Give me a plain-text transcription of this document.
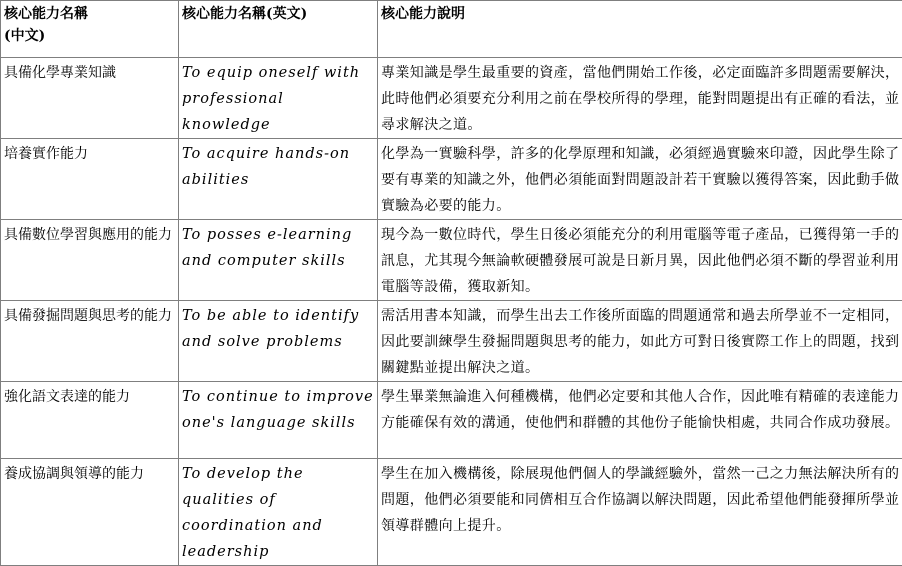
核心能力名稱
(中文)	核心能力名稱(英文)	核心能力說明
具備化學專業知識	To equip oneself with professional knowledge	專業知識是學生最重要的資產，當他們開始工作後，必定面臨許多問題需要解決，此時他們必須要充分利用之前在學校所得的學理，能對問題提出有正確的看法，並尋求解決之道。
培養實作能力	To acquire hands-on abilities	化學為一實驗科學，許多的化學原理和知識，必須經過實驗來印證，因此學生除了要有專業的知識之外，他們必須能面對問題設計若干實驗以獲得答案，因此動手做實驗為必要的能力。
具備數位學習與應用的能力	To posses e-learning and computer skills	現今為一數位時代，學生日後必須能充分的利用電腦等電子產品，已獲得第一手的訊息，尤其現今無論軟硬體發展可說是日新月異，因此他們必須不斷的學習並利用電腦等設備，獲取新知。
具備發掘問題與思考的能力	To be able to identify and solve problems	需活用書本知識，而學生出去工作後所面臨的問題通常和過去所學並不一定相同，因此要訓練學生發掘問題與思考的能力，如此方可對日後實際工作上的問題，找到關鍵點並提出解決之道。
強化語文表達的能力	To continue to improve one's language skills	學生畢業無論進入何種機構，他們必定要和其他人合作，因此唯有精確的表達能力方能確保有效的溝通，使他們和群體的其他份子能愉快相處，共同合作成功發展。
養成協調與領導的能力	To develop the qualities of coordination and leadership	學生在加入機構後，除展現他們個人的學識經驗外，當然一己之力無法解決所有的問題，他們必須要能和同儕相互合作協調以解決問題，因此希望他們能發揮所學並領導群體向上提升。
